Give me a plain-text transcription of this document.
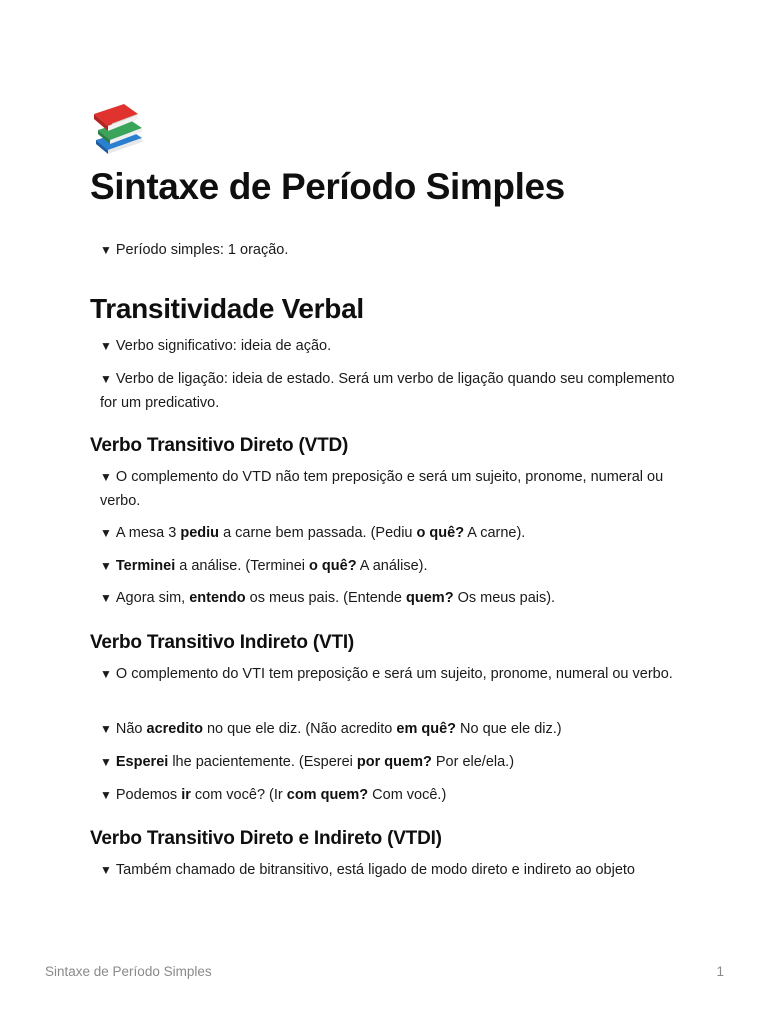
Sintaxe de Período Simples

▼ Período simples: 1 oração.

Transitividade Verbal

▼ Verbo significativo: ideia de ação.

▼ Verbo de ligação: ideia de estado. Será um verbo de ligação quando seu complemento for um predicativo.

Verbo Transitivo Direto (VTD)

▼ O complemento do VTD não tem preposição e será um sujeito, pronome, numeral ou verbo.

▼ A mesa 3 pediu a carne bem passada. (Pediu o quê? A carne).

▼ Terminei a análise. (Terminei o quê? A análise).

▼ Agora sim, entendo os meus pais. (Entende quem? Os meus pais).

Verbo Transitivo Indireto (VTI)

▼ O complemento do VTI tem preposição e será um sujeito, pronome, numeral ou verbo.

▼ Não acredito no que ele diz. (Não acredito em quê? No que ele diz.)

▼ Esperei lhe pacientemente. (Esperei por quem? Por ele/ela.)

▼ Podemos ir com você? (Ir com quem? Com você.)

Verbo Transitivo Direto e Indireto (VTDI)

▼ Também chamado de bitransitivo, está ligado de modo direto e indireto ao objeto

Sintaxe de Período Simples	1
